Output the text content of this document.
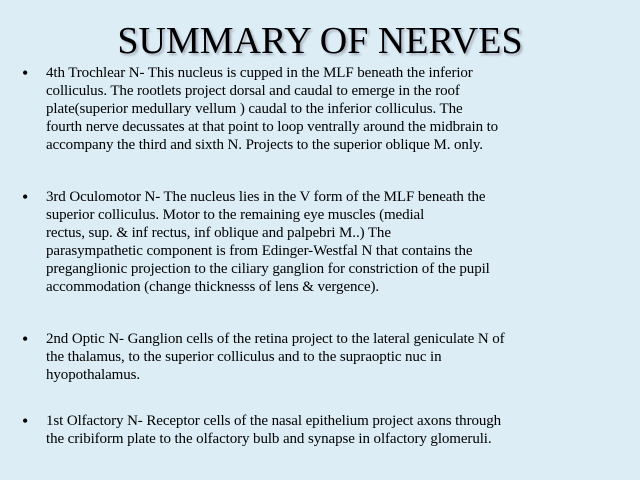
SUMMARY OF NERVES
• 4th Trochlear N- This nucleus is cupped in the MLF beneath the inferior
colliculus. The rootlets project dorsal and caudal to emerge in the roof
plate(superior medullary vellum ) caudal to the inferior colliculus. The
fourth nerve decussates at that point to loop ventrally around the midbrain to
accompany the third and sixth N. Projects to the superior oblique M. only.

• 3rd Oculomotor N- The nucleus lies in the V form of the MLF beneath the
superior colliculus. Motor to the remaining eye muscles (medial
rectus, sup. & inf rectus, inf oblique and palpebri M..) The
parasympathetic component is from Edinger-Westfal N that contains the
preganglionic projection to the ciliary ganglion for constriction of the pupil
accommodation (change thicknesss of lens & vergence).

• 2nd Optic N- Ganglion cells of the retina project to the lateral geniculate N of
the thalamus, to the superior colliculus and to the supraoptic nuc in
hyopothalamus.

• 1st Olfactory N- Receptor cells of the nasal epithelium project axons through
the cribiform plate to the olfactory bulb and synapse in olfactory glomeruli.
